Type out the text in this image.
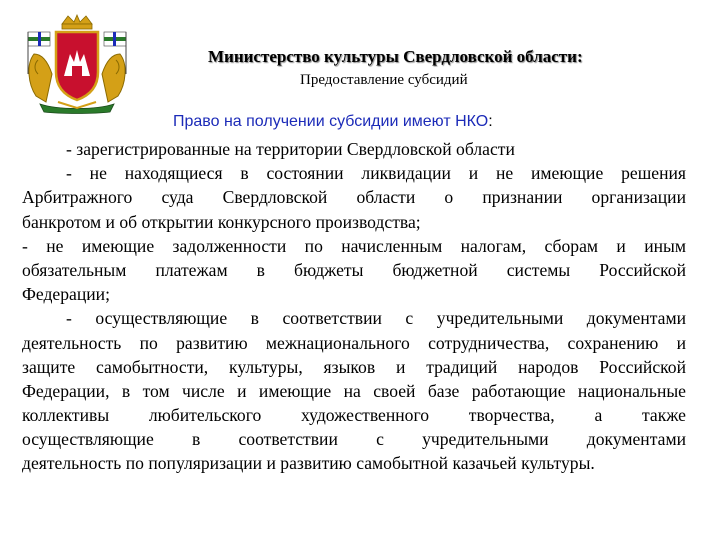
Министерство культуры Свердловской области:
Предоставление субсидий
Право на получении субсидии имеют НКО:
- зарегистрированные на территории Свердловской области
- не находящиеся в состоянии ликвидации и не имеющие решения
Арбитражного суда Свердловской области о признании организации
банкротом и об открытии конкурсного производства;
- не имеющие задолженности по начисленным налогам, сборам и иным
обязательным платежам в бюджеты бюджетной системы Российской
Федерации;
- осуществляющие в соответствии с учредительными документами
деятельность по развитию межнационального сотрудничества, сохранению и
защите самобытности, культуры, языков и традиций народов Российской
Федерации, в том числе и имеющие на своей базе работающие национальные
коллективы любительского художественного творчества, а также
осуществляющие в соответствии с учредительными документами
деятельность по популяризации и развитию самобытной казачьей культуры.
